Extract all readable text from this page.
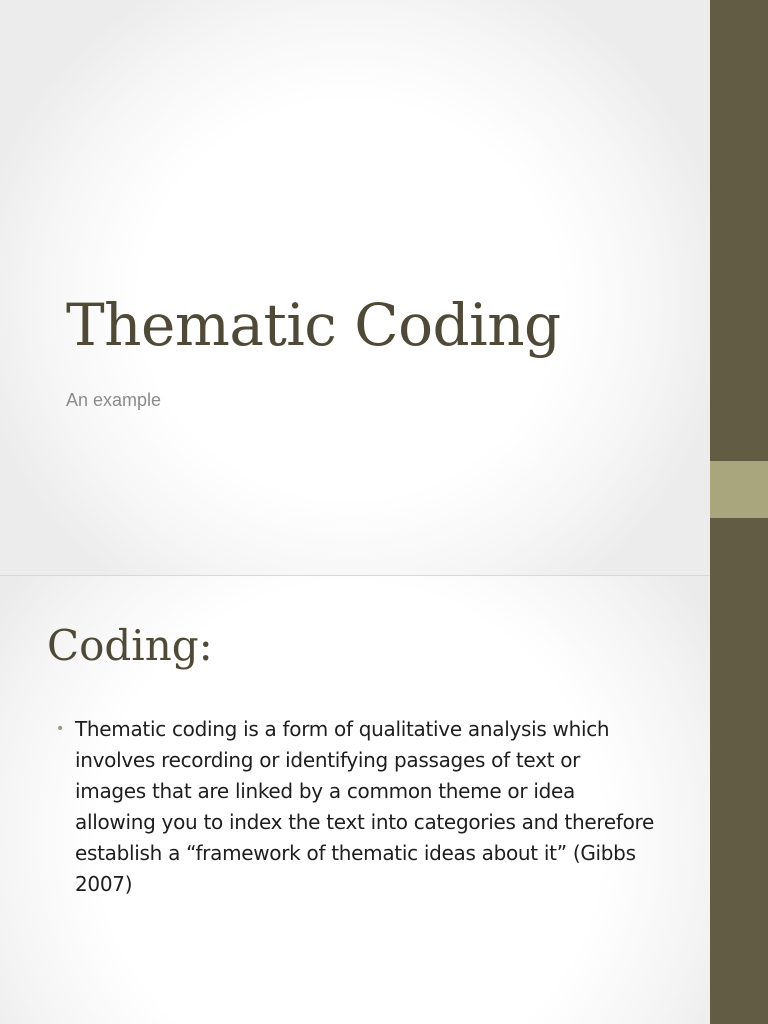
Thematic Coding

An example

Coding:
• Thematic coding is a form of qualitative analysis which involves recording or identifying passages of text or images that are linked by a common theme or idea allowing you to index the text into categories and therefore establish a “framework of thematic ideas about it” (Gibbs 2007)
